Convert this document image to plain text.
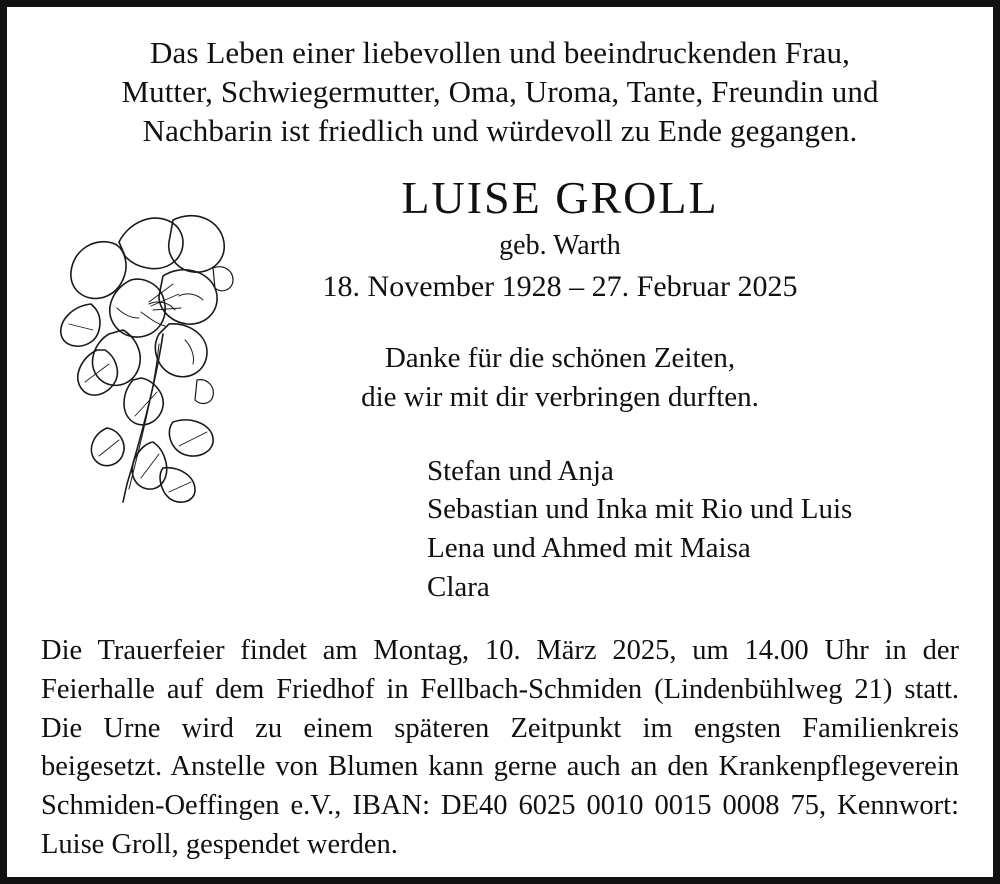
Das Leben einer liebevollen und beeindruckenden Frau,
Mutter, Schwiegermutter, Oma, Uroma, Tante, Freundin und
Nachbarin ist friedlich und würdevoll zu Ende gegangen.
LUISE GROLL
geb. Warth
18. November 1928 – 27. Februar 2025
Danke für die schönen Zeiten,
die wir mit dir verbringen durften.
Stefan und Anja
Sebastian und Inka mit Rio und Luis
Lena und Ahmed mit Maisa
Clara
Die Trauerfeier findet am Montag, 10. März 2025, um 14.00 Uhr in der Feierhalle auf dem Friedhof in Fellbach-Schmiden (Lindenbühlweg 21) statt. Die Urne wird zu einem späteren Zeitpunkt im engsten Familienkreis beigesetzt. Anstelle von Blumen kann gerne auch an den Krankenpflegeverein Schmiden-Oeffingen e.V., IBAN: DE40 6025 0010 0015 0008 75, Kennwort: Luise Groll, gespendet werden.
